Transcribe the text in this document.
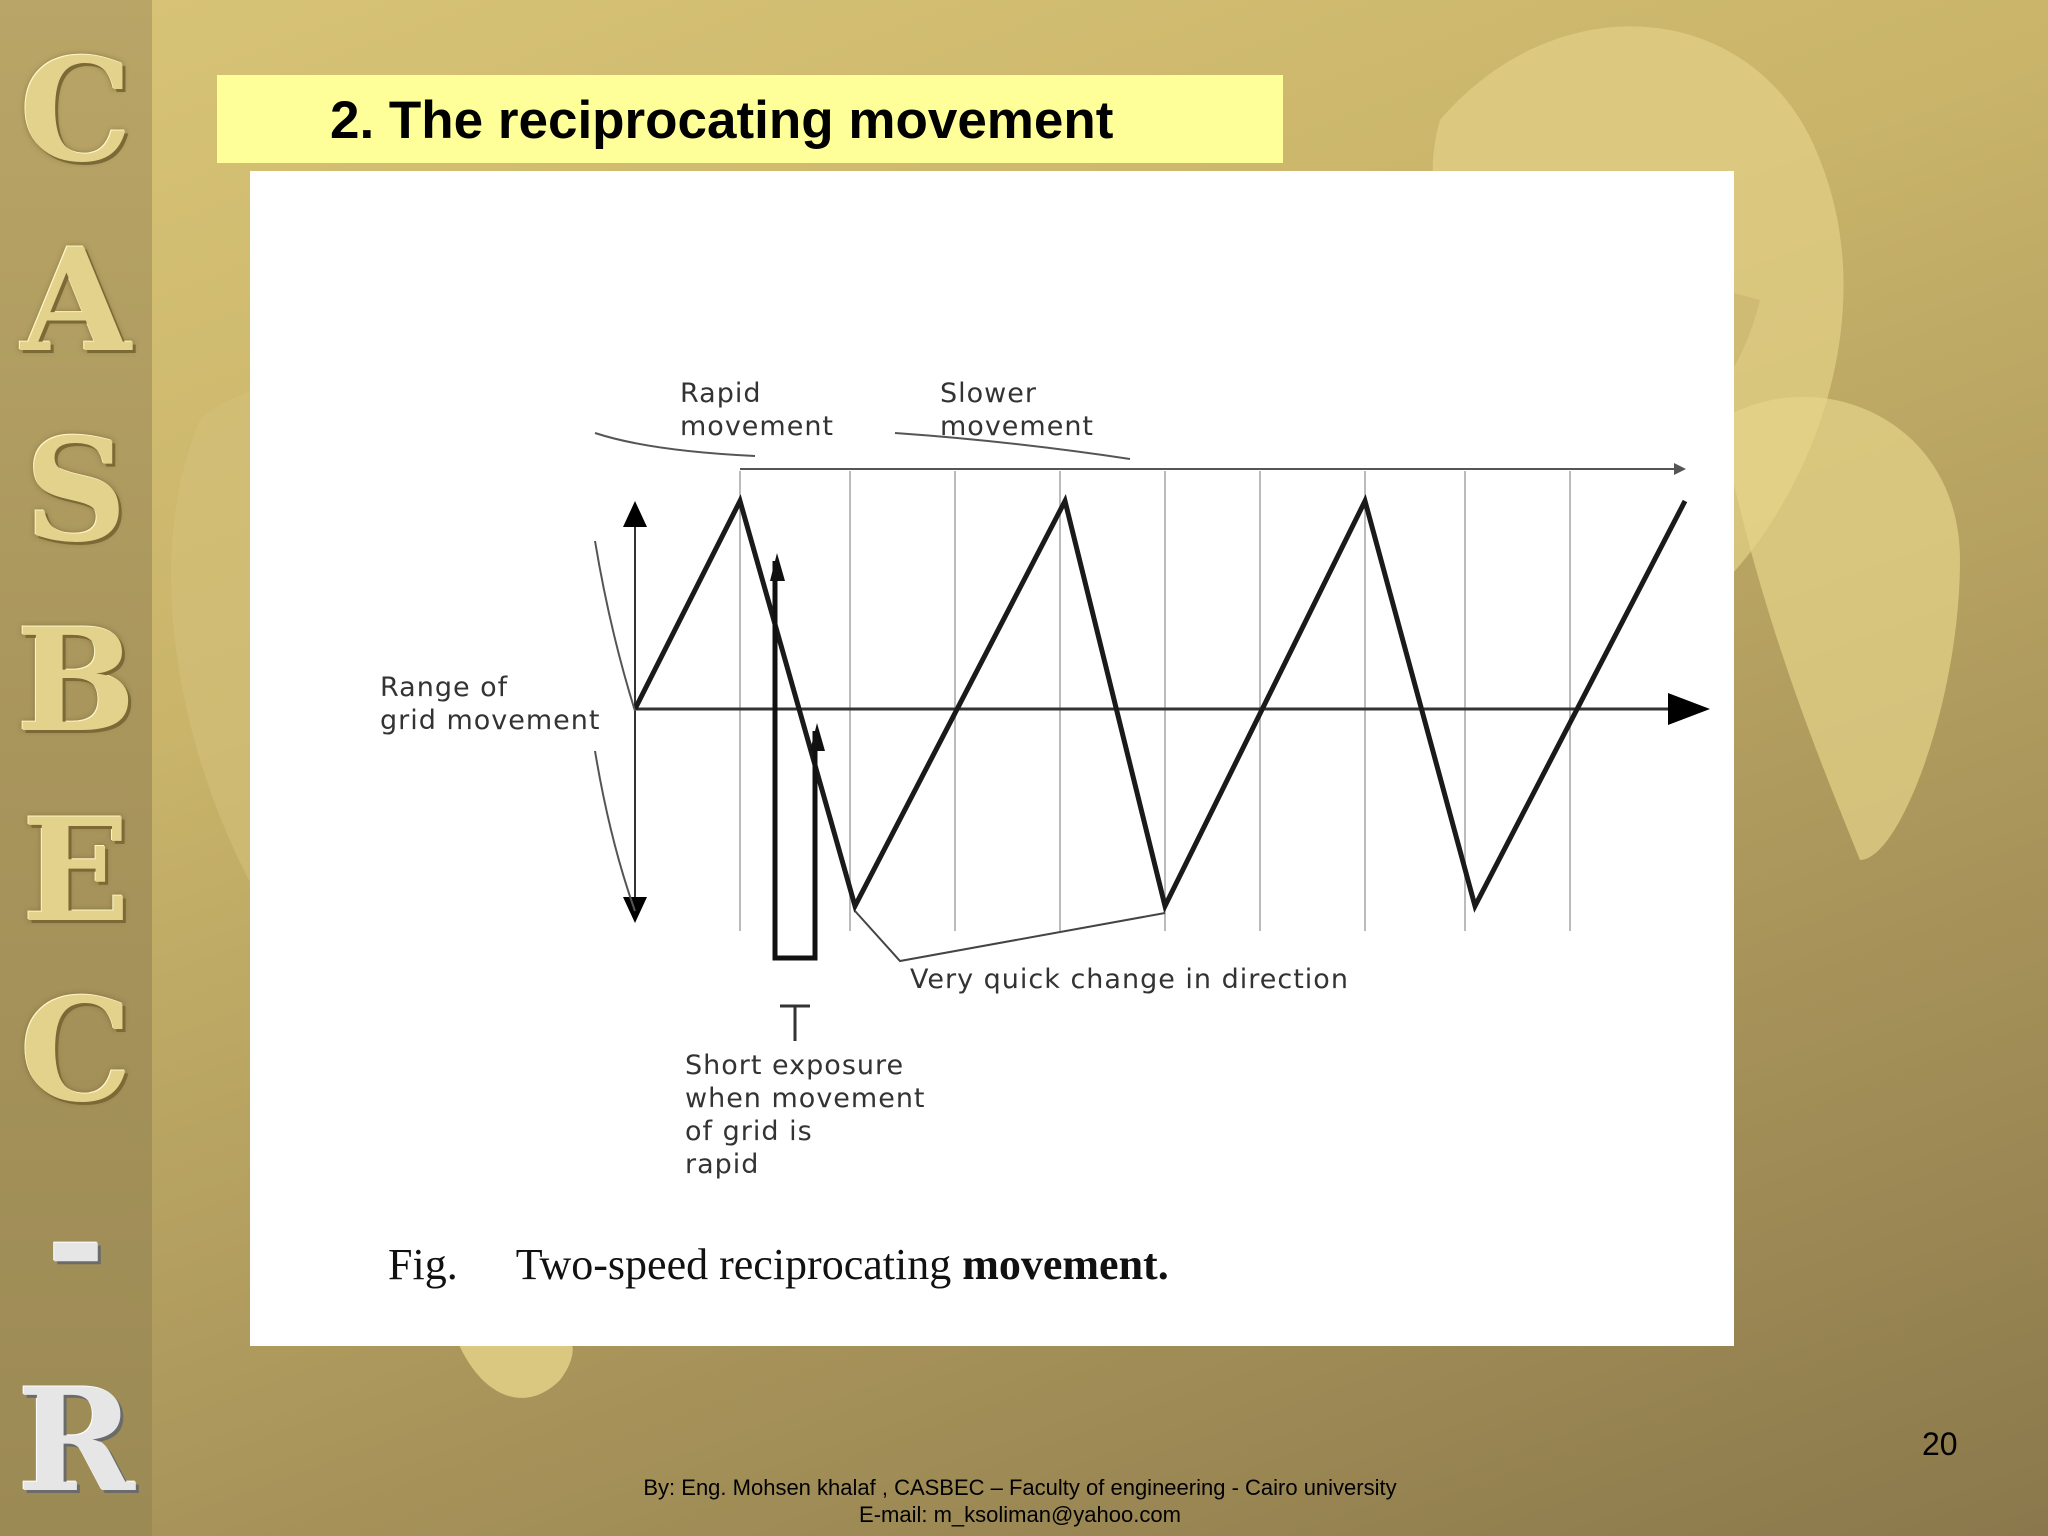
C
A
S
B
E
C
-
R
2. The reciprocating movement
Rapid
movement
Slower
movement
Range of
grid movement
Very quick change in direction
Short exposure
when movement
of grid is
rapid
Fig. Two-speed reciprocating movement.
20
By: Eng. Mohsen khalaf , CASBEC – Faculty of engineering - Cairo university
E-mail: m_ksoliman@yahoo.com
